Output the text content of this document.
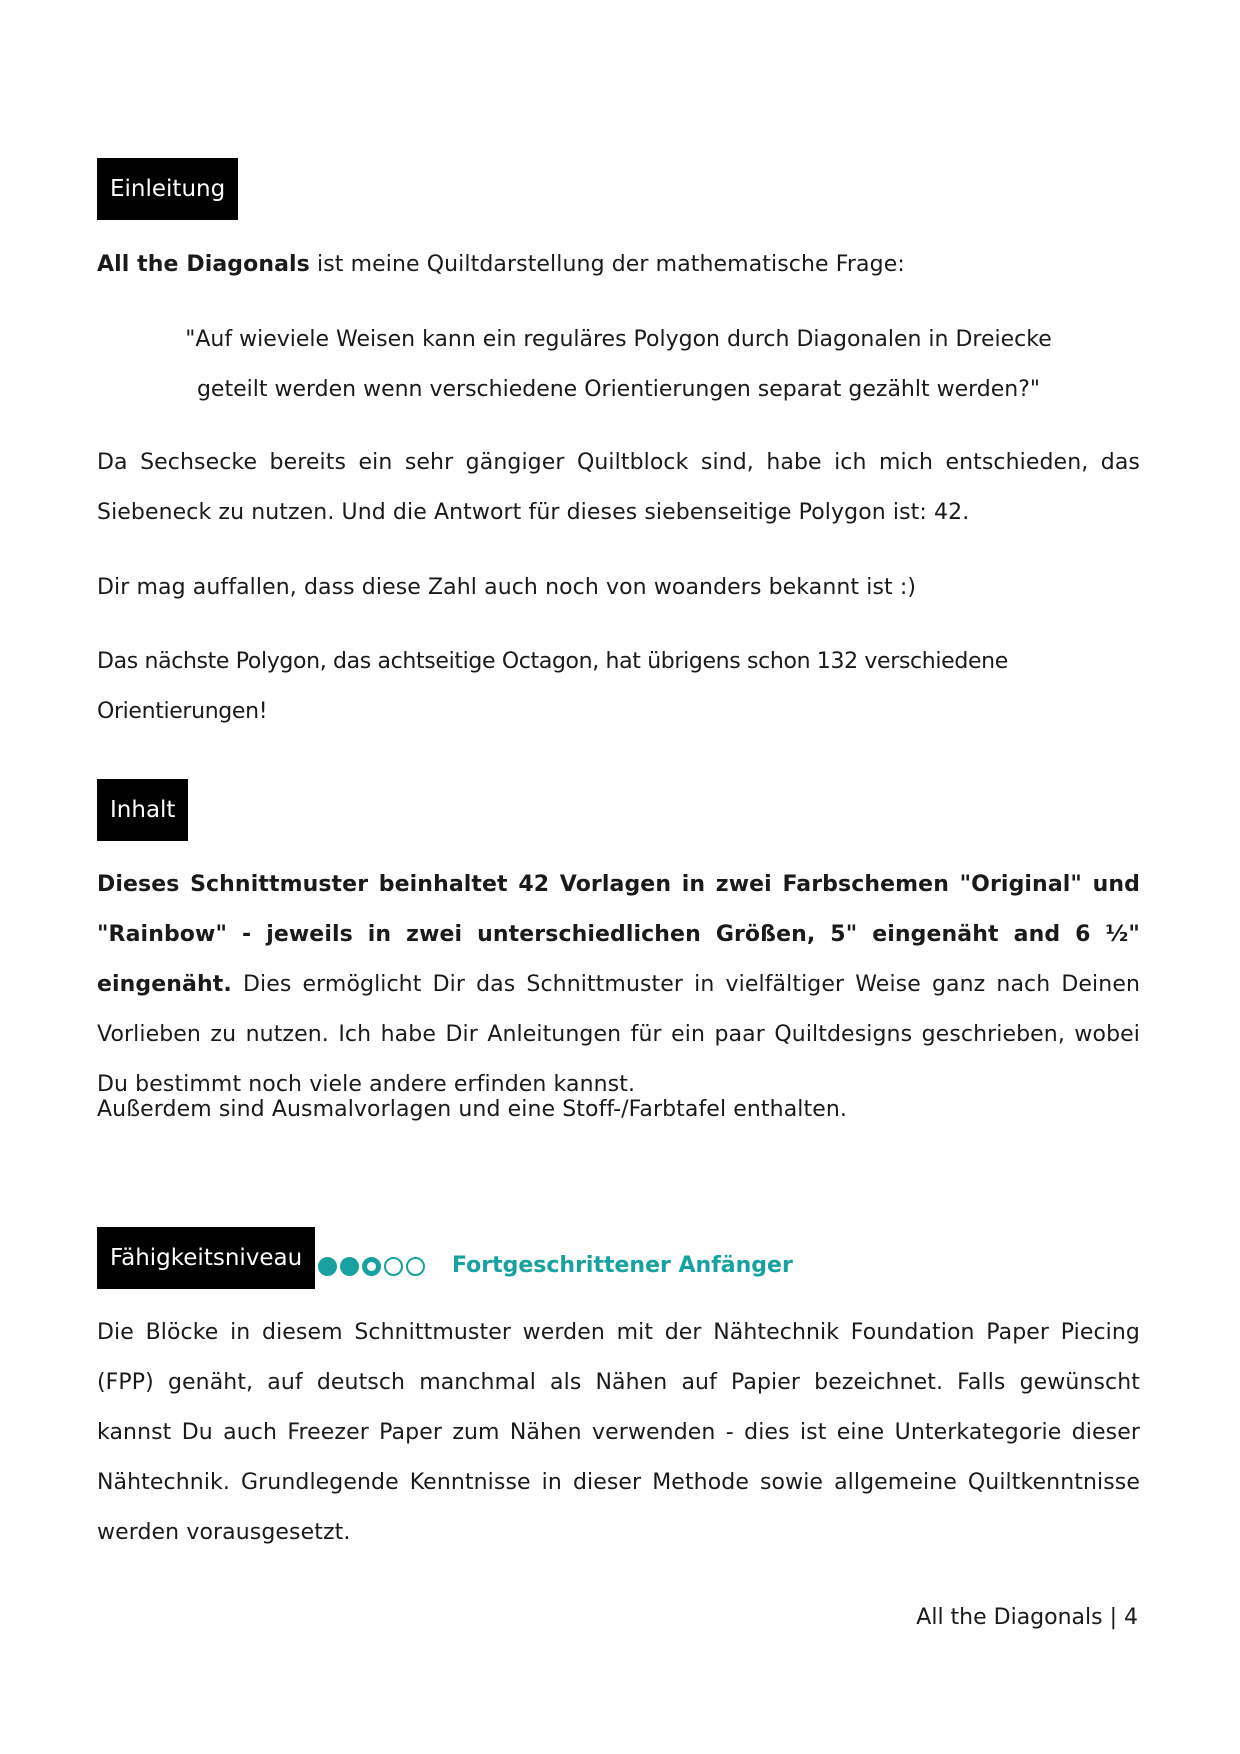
Einleitung

All the Diagonals ist meine Quiltdarstellung der mathematische Frage:

"Auf wieviele Weisen kann ein reguläres Polygon durch Diagonalen in Dreiecke

geteilt werden wenn verschiedene Orientierungen separat gezählt werden?"

Da Sechsecke bereits ein sehr gängiger Quiltblock sind, habe ich mich entschieden, das Siebeneck zu nutzen. Und die Antwort für dieses siebenseitige Polygon ist: 42.

Dir mag auffallen, dass diese Zahl auch noch von woanders bekannt ist :)

Das nächste Polygon, das achtseitige Octagon, hat übrigens schon 132 verschiedene Orientierungen!

Inhalt

Dieses Schnittmuster beinhaltet 42 Vorlagen in zwei Farbschemen "Original" und "Rainbow" - jeweils in zwei unterschiedlichen Größen, 5" eingenäht and 6 ½" eingenäht. Dies ermöglicht Dir das Schnittmuster in vielfältiger Weise ganz nach Deinen Vorlieben zu nutzen. Ich habe Dir Anleitungen für ein paar Quiltdesigns geschrieben, wobei Du bestimmt noch viele andere erfinden kannst.

Außerdem sind Ausmalvorlagen und eine Stoff-/Farbtafel enthalten.

Fähigkeitsniveau	Fortgeschrittener Anfänger

Die Blöcke in diesem Schnittmuster werden mit der Nähtechnik Foundation Paper Piecing (FPP) genäht, auf deutsch manchmal als Nähen auf Papier bezeichnet. Falls gewünscht kannst Du auch Freezer Paper zum Nähen verwenden - dies ist eine Unterkategorie dieser Nähtechnik. Grundlegende Kenntnisse in dieser Methode sowie allgemeine Quiltkenntnisse werden vorausgesetzt.

All the Diagonals | 4
